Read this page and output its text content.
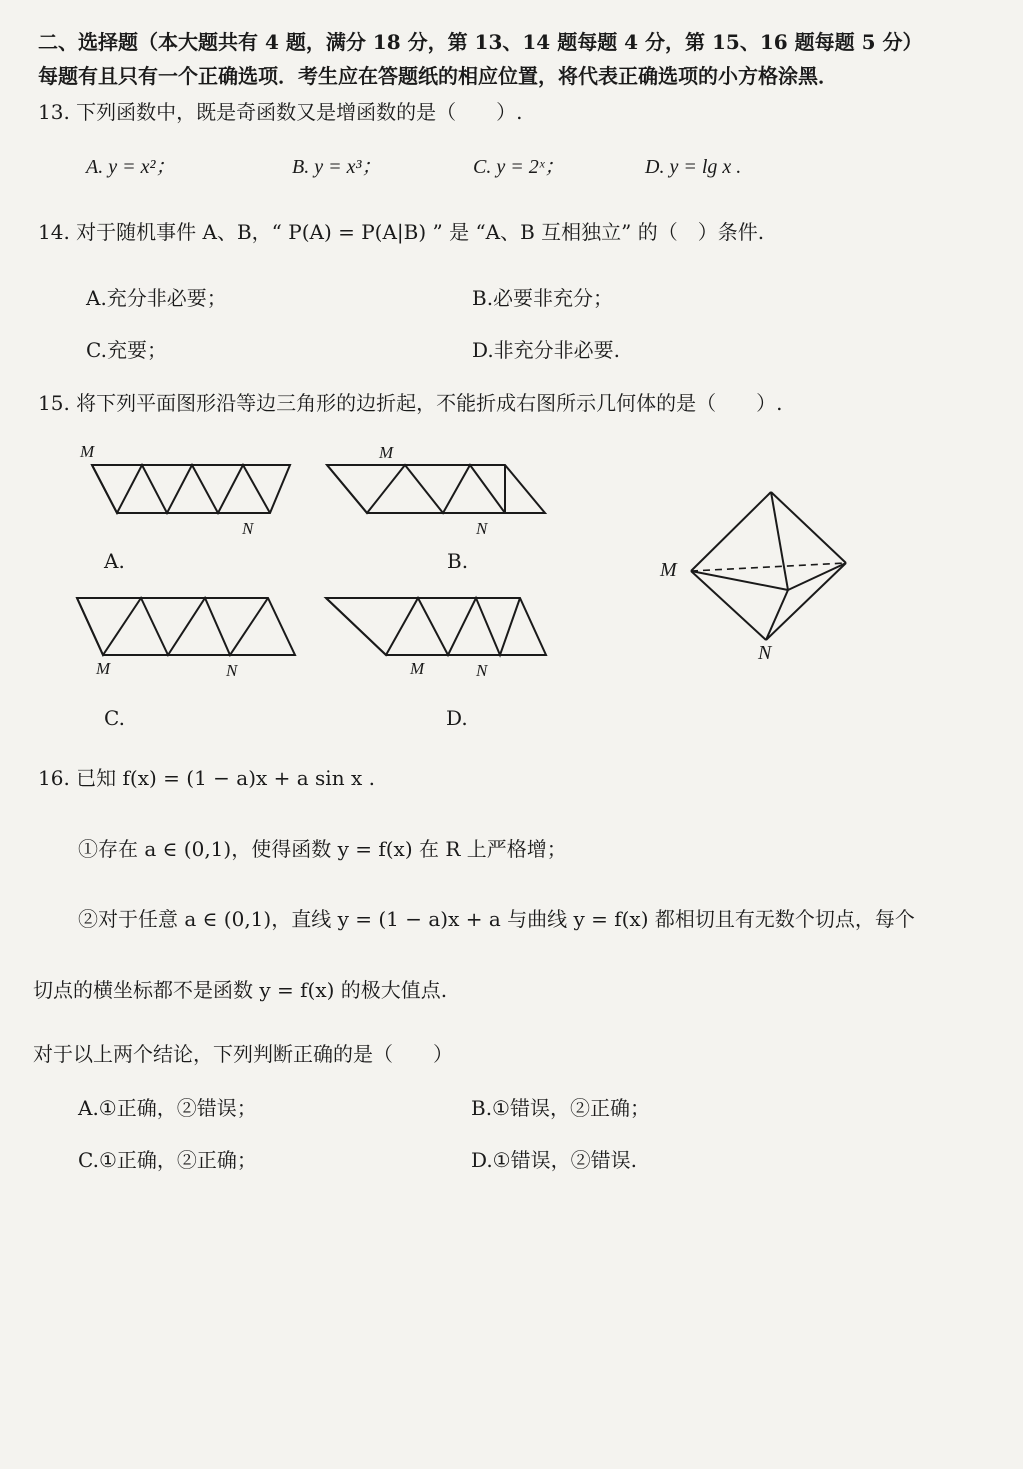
二、选择题（本大题共有 4 题，满分 18 分，第 13、14 题每题 4 分，第 15、16 题每题 5 分）
每题有且只有一个正确选项．考生应在答题纸的相应位置，将代表正确选项的小方格涂黑．
13. 下列函数中，既是奇函数又是增函数的是（　　）.
A. y = x²；	B. y = x³；	C. y = 2ˣ；	D. y = lg x .
14. 对于随机事件 A、B，“ P(A) = P(A|B) ” 是 “A、B 互相独立” 的（　）条件.
A.充分非必要；	B.必要非充分；
C.充要；	D.非充分非必要.
15. 将下列平面图形沿等边三角形的边折起，不能折成右图所示几何体的是（　　）.
M
N
M
N
M	N	M	N
M
N
A.	B.
C.	D.
16. 已知 f(x) = (1 − a)x + a sin x .
①存在 a ∈ (0,1)，使得函数 y = f(x) 在 R 上严格增；
②对于任意 a ∈ (0,1)，直线 y = (1 − a)x + a 与曲线 y = f(x) 都相切且有无数个切点，每个
切点的横坐标都不是函数 y = f(x) 的极大值点.
对于以上两个结论，下列判断正确的是（　　）
A.①正确，②错误；	B.①错误，②正确；
C.①正确，②正确；	D.①错误，②错误.
